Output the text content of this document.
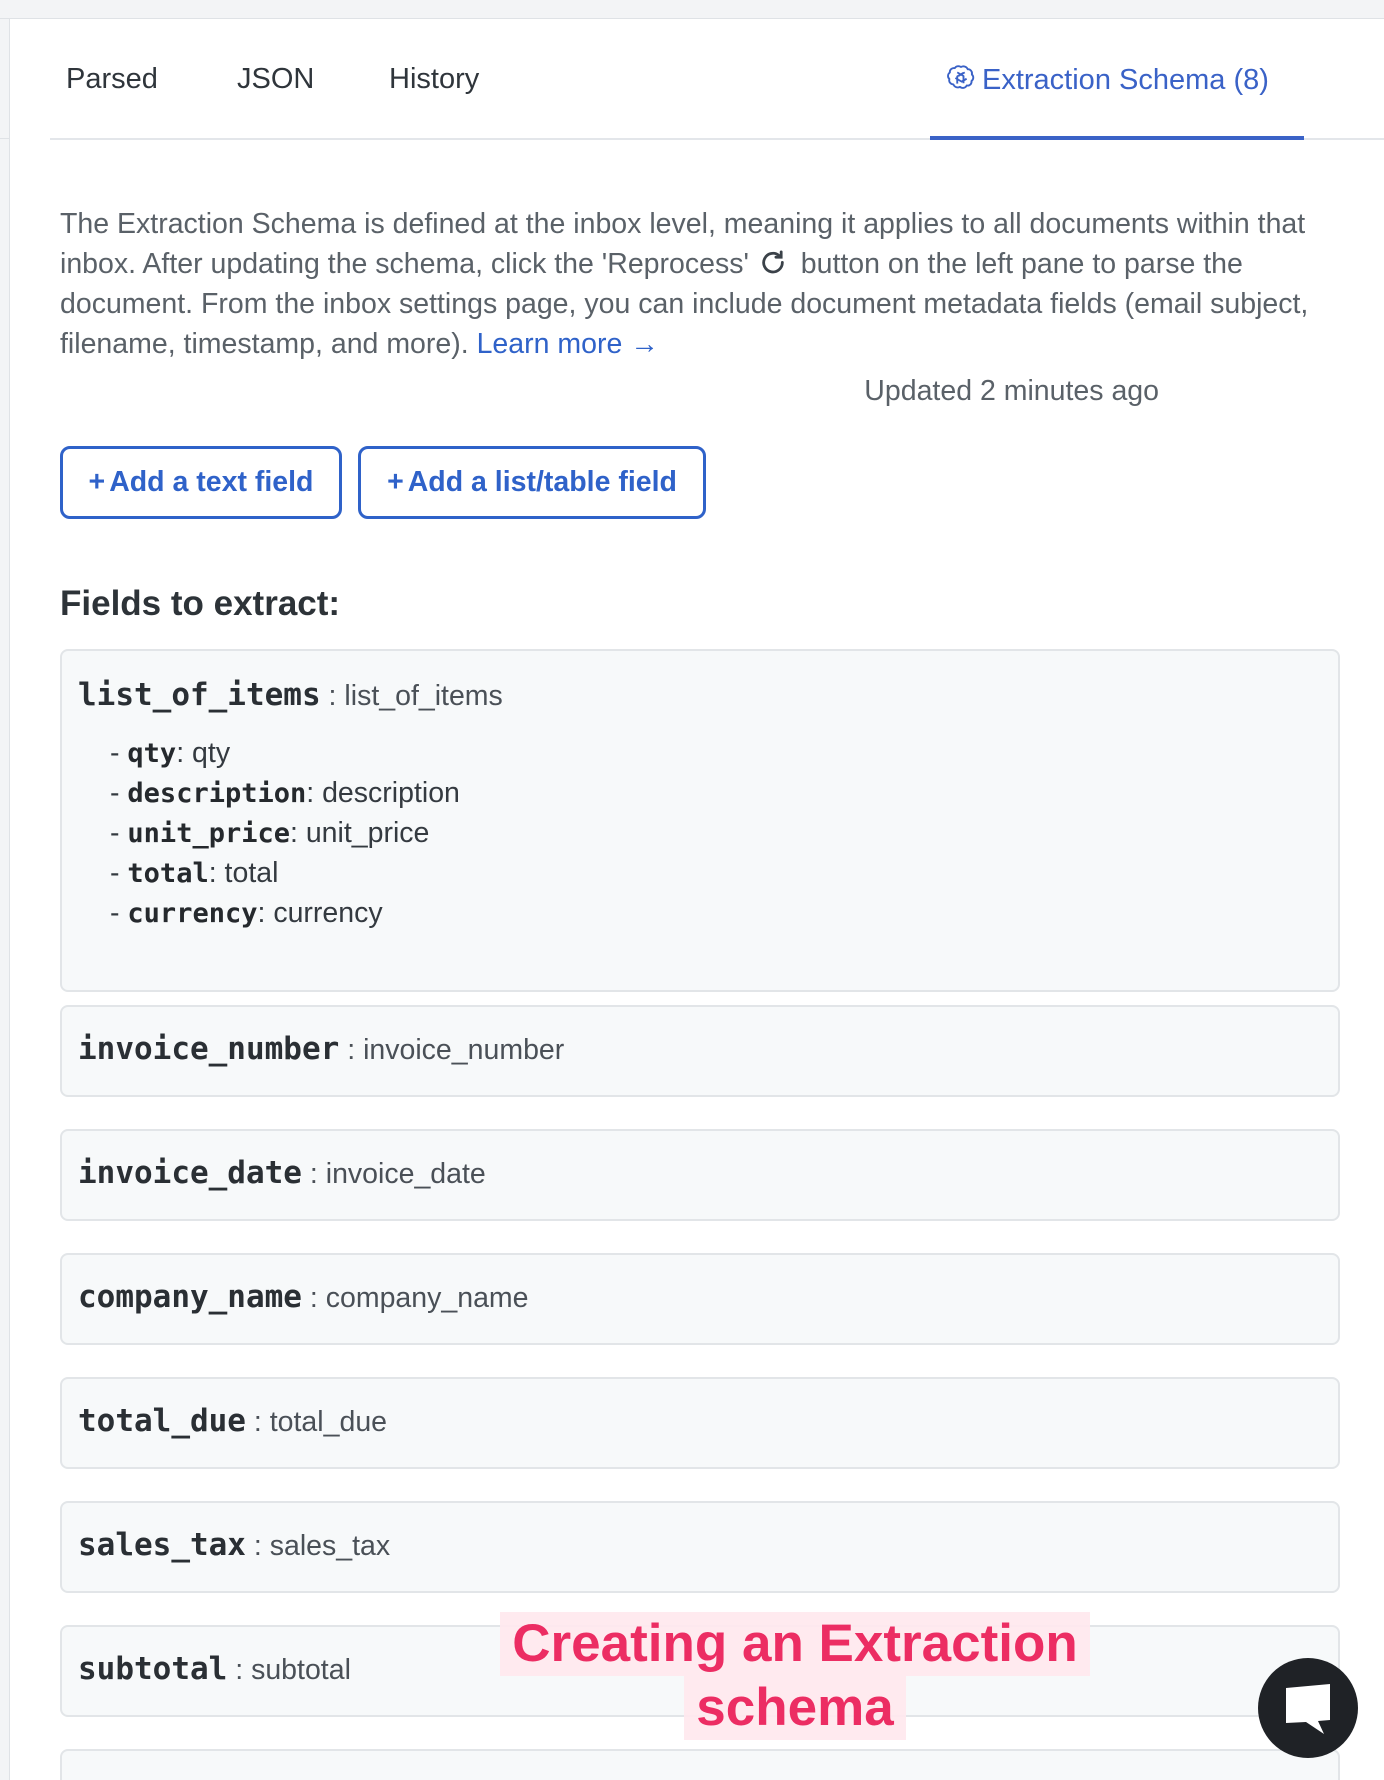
Parsed	JSON	History	Extraction Schema (8)

The Extraction Schema is defined at the inbox level, meaning it applies to all documents within that inbox. After updating the schema, click the 'Reprocess'  button on the left pane to parse the document. From the inbox settings page, you can include document metadata fields (email subject, filename, timestamp, and more). Learn more →

Updated 2 minutes ago
+ Add a text field	+ Add a list/table field
Fields to extract:
list_of_items : list_of_items
- qty: qty
- description: description
- unit_price: unit_price
- total: total
- currency: currency
invoice_number : invoice_number
invoice_date : invoice_date
company_name : company_name
total_due : total_due
sales_tax : sales_tax
subtotal : subtotal	Creating an Extraction
schema
